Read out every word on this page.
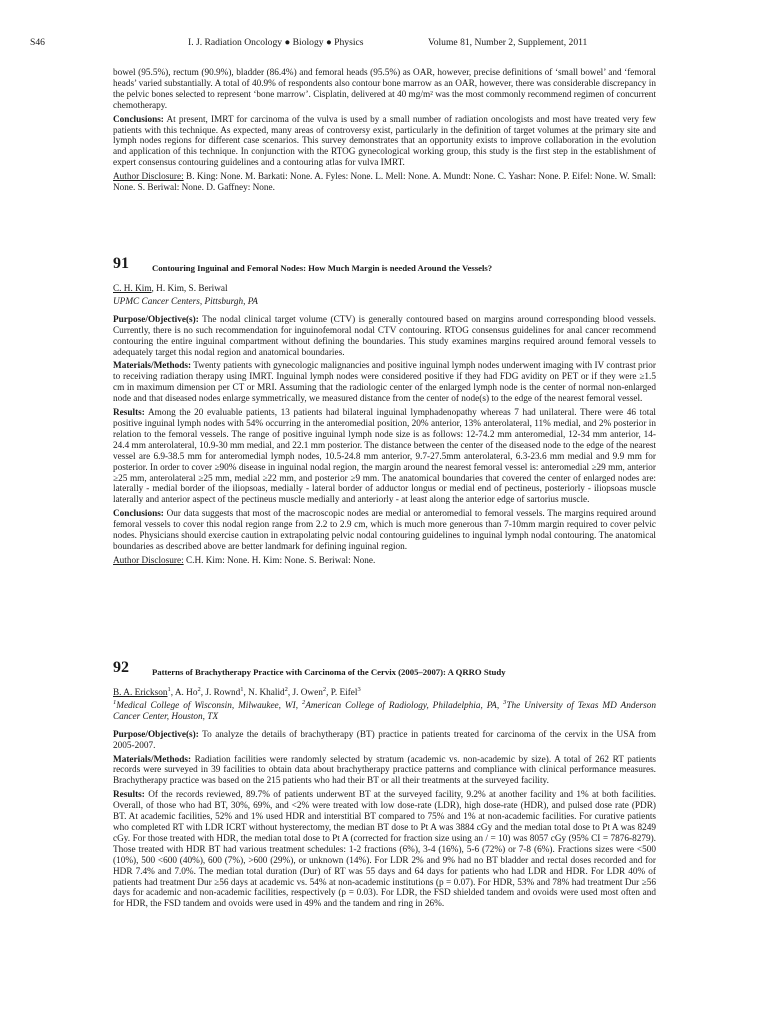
S46	I. J. Radiation Oncology ● Biology ● Physics	Volume 81, Number 2, Supplement, 2011

bowel (95.5%), rectum (90.9%), bladder (86.4%) and femoral heads (95.5%) as OAR, however, precise definitions of ‘small bowel’ and ‘femoral heads’ varied substantially. A total of 40.9% of respondents also contour bone marrow as an OAR, however, there was considerable discrepancy in the pelvic bones selected to represent ‘bone marrow’. Cisplatin, delivered at 40 mg/m² was the most commonly recommend regimen of concurrent chemotherapy.

Conclusions: At present, IMRT for carcinoma of the vulva is used by a small number of radiation oncologists and most have treated very few patients with this technique. As expected, many areas of controversy exist, particularly in the definition of target volumes at the primary site and lymph nodes regions for different case scenarios. This survey demonstrates that an opportunity exists to improve collaboration in the evolution and application of this technique. In conjunction with the RTOG gynecological working group, this study is the first step in the establishment of expert consensus contouring guidelines and a contouring atlas for vulva IMRT.

Author Disclosure: B. King: None. M. Barkati: None. A. Fyles: None. L. Mell: None. A. Mundt: None. C. Yashar: None. P. Eifel: None. W. Small: None. S. Beriwal: None. D. Gaffney: None.

91	Contouring Inguinal and Femoral Nodes: How Much Margin is needed Around the Vessels?

C. H. Kim, H. Kim, S. Beriwal

UPMC Cancer Centers, Pittsburgh, PA

Purpose/Objective(s): The nodal clinical target volume (CTV) is generally contoured based on margins around corresponding blood vessels. Currently, there is no such recommendation for inguinofemoral nodal CTV contouring. RTOG consensus guidelines for anal cancer recommend contouring the entire inguinal compartment without defining the boundaries. This study examines margins required around femoral vessels to adequately target this nodal region and anatomical boundaries.

Materials/Methods: Twenty patients with gynecologic malignancies and positive inguinal lymph nodes underwent imaging with IV contrast prior to receiving radiation therapy using IMRT. Inguinal lymph nodes were considered positive if they had FDG avidity on PET or if they were ≥1.5 cm in maximum dimension per CT or MRI. Assuming that the radiologic center of the enlarged lymph node is the center of normal non-enlarged node and that diseased nodes enlarge symmetrically, we measured distance from the center of node(s) to the edge of the nearest femoral vessel.

Results: Among the 20 evaluable patients, 13 patients had bilateral inguinal lymphadenopathy whereas 7 had unilateral. There were 46 total positive inguinal lymph nodes with 54% occurring in the anteromedial position, 20% anterior, 13% anterolateral, 11% medial, and 2% posterior in relation to the femoral vessels. The range of positive inguinal lymph node size is as follows: 12-74.2 mm anteromedial, 12-34 mm anterior, 14-24.4 mm anterolateral, 10.9-30 mm medial, and 22.1 mm posterior. The distance between the center of the diseased node to the edge of the nearest vessel are 6.9-38.5 mm for anteromedial lymph nodes, 10.5-24.8 mm anterior, 9.7-27.5mm anterolateral, 6.3-23.6 mm medial and 9.9 mm for posterior. In order to cover ≥90% disease in inguinal nodal region, the margin around the nearest femoral vessel is: anteromedial ≥29 mm, anterior ≥25 mm, anterolateral ≥25 mm, medial ≥22 mm, and posterior ≥9 mm. The anatomical boundaries that covered the center of enlarged nodes are: laterally - medial border of the iliopsoas, medially - lateral border of adductor longus or medial end of pectineus, posteriorly - iliopsoas muscle laterally and anterior aspect of the pectineus muscle medially and anteriorly - at least along the anterior edge of sartorius muscle.

Conclusions: Our data suggests that most of the macroscopic nodes are medial or anteromedial to femoral vessels. The margins required around femoral vessels to cover this nodal region range from 2.2 to 2.9 cm, which is much more generous than 7-10mm margin required to cover pelvic nodes. Physicians should exercise caution in extrapolating pelvic nodal contouring guidelines to inguinal lymph nodal contouring. The anatomical boundaries as described above are better landmark for defining inguinal region.

Author Disclosure: C.H. Kim: None. H. Kim: None. S. Beriwal: None.

92	Patterns of Brachytherapy Practice with Carcinoma of the Cervix (2005–2007): A QRRO Study

B. A. Erickson$^1$, A. Ho$^2$, J. Rownd$^1$, N. Khalid$^2$, J. Owen$^2$, P. Eifel$^3$

$^1$Medical College of Wisconsin, Milwaukee, WI, $^2$American College of Radiology, Philadelphia, PA, $^3$The University of Texas MD Anderson Cancer Center, Houston, TX

Purpose/Objective(s): To analyze the details of brachytherapy (BT) practice in patients treated for carcinoma of the cervix in the USA from 2005-2007.

Materials/Methods: Radiation facilities were randomly selected by stratum (academic vs. non-academic by size). A total of 262 RT patients records were surveyed in 39 facilities to obtain data about brachytherapy practice patterns and compliance with clinical performance measures. Brachytherapy practice was based on the 215 patients who had their BT or all their treatments at the surveyed facility.

Results: Of the records reviewed, 89.7% of patients underwent BT at the surveyed facility, 9.2% at another facility and 1% at both facilities. Overall, of those who had BT, 30%, 69%, and <2% were treated with low dose-rate (LDR), high dose-rate (HDR), and pulsed dose rate (PDR) BT. At academic facilities, 52% and 1% used HDR and interstitial BT compared to 75% and 1% at non-academic facilities. For curative patients who completed RT with LDR ICRT without hysterectomy, the median BT dose to Pt A was 3884 cGy and the median total dose to Pt A was 8249 cGy. For those treated with HDR, the median total dose to Pt A (corrected for fraction size using an / = 10) was 8057 cGy (95% CI = 7876-8279). Those treated with HDR BT had various treatment schedules: 1-2 fractions (6%), 3-4 (16%), 5-6 (72%) or 7-8 (6%). Fractions sizes were <500 (10%), 500 <600 (40%), 600 (7%), >600 (29%), or unknown (14%). For LDR 2% and 9% had no BT bladder and rectal doses recorded and for HDR 7.4% and 7.0%. The median total duration (Dur) of RT was 55 days and 64 days for patients who had LDR and HDR. For LDR 40% of patients had treatment Dur ≥56 days at academic vs. 54% at non-academic institutions (p = 0.07). For HDR, 53% and 78% had treatment Dur ≥56 days for academic and non-academic facilities, respectively (p = 0.03). For LDR, the FSD shielded tandem and ovoids were used most often and for HDR, the FSD tandem and ovoids were used in 49% and the tandem and ring in 26%.
